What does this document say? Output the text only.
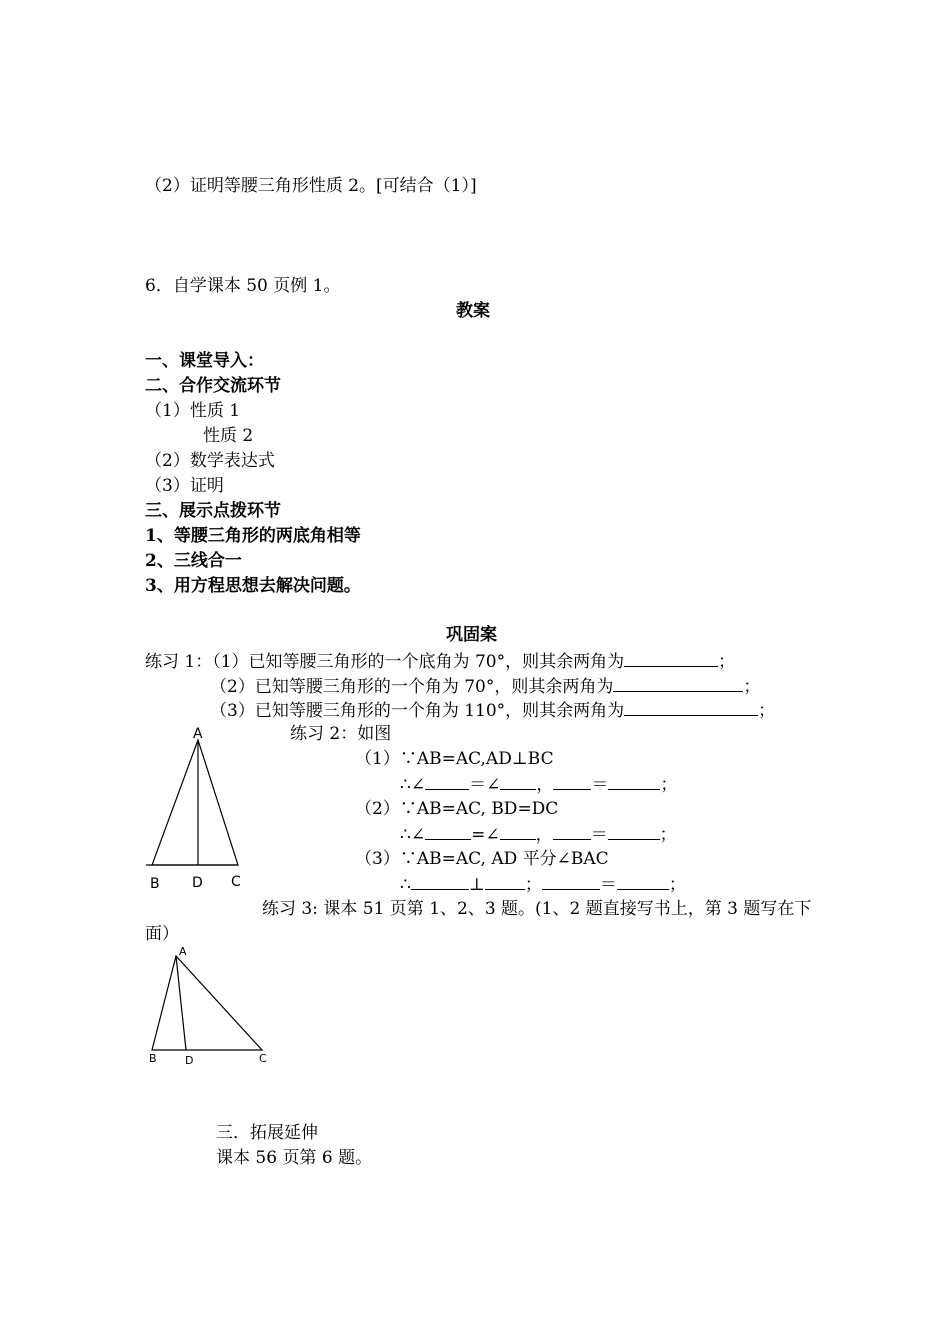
（2）证明等腰三角形性质 2。[可结合（1）]
6．自学课本 50 页例 1。
教案
一、课堂导入：
二、合作交流环节
（1）性质 1
性质 2
（2）数学表达式
（3）证明
三、展示点拨环节
1、等腰三角形的两底角相等
2、三线合一
3、用方程思想去解决问题。
巩固案
练习 1：（1）已知等腰三角形的一个底角为 70°，则其余两角为	；
（2）已知等腰三角形的一个角为 70°，则其余两角为	；
（3）已知等腰三角形的一个角为 110°，则其余两角为	；
A
B D C
练习 2：如图
（1）∵AB=AC,AD⊥BC
∴∠	＝∠ ， ＝	；
（2）∵AB=AC, BD=DC
∴∠	=∠ ， ＝	；
（3）∵AB=AC, AD 平分∠BAC
∴	⊥ ；	＝	；
练习 3: 课本 51 页第 1、2、3 题。(1、2 题直接写书上，第 3 题写在下
面）
A
B	D	C
三．拓展延伸
课本 56 页第 6 题。
